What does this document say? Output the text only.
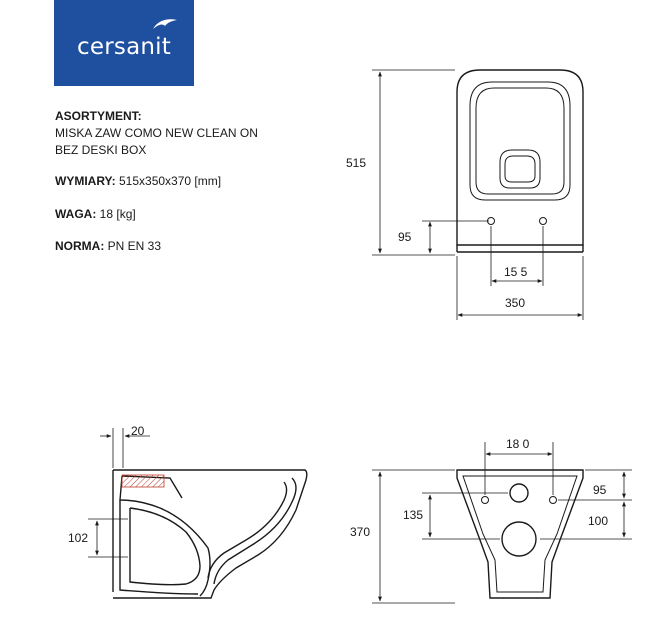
cersanit
ASORTYMENT:
MISKA ZAW COMO NEW CLEAN ON
BEZ DESKI BOX
WYMIARY: 515x350x370 [mm]
WAGA: 18 [kg]
NORMA: PN EN 33
515
95
15 5
350
20
102	370
18 0
135
95
100
